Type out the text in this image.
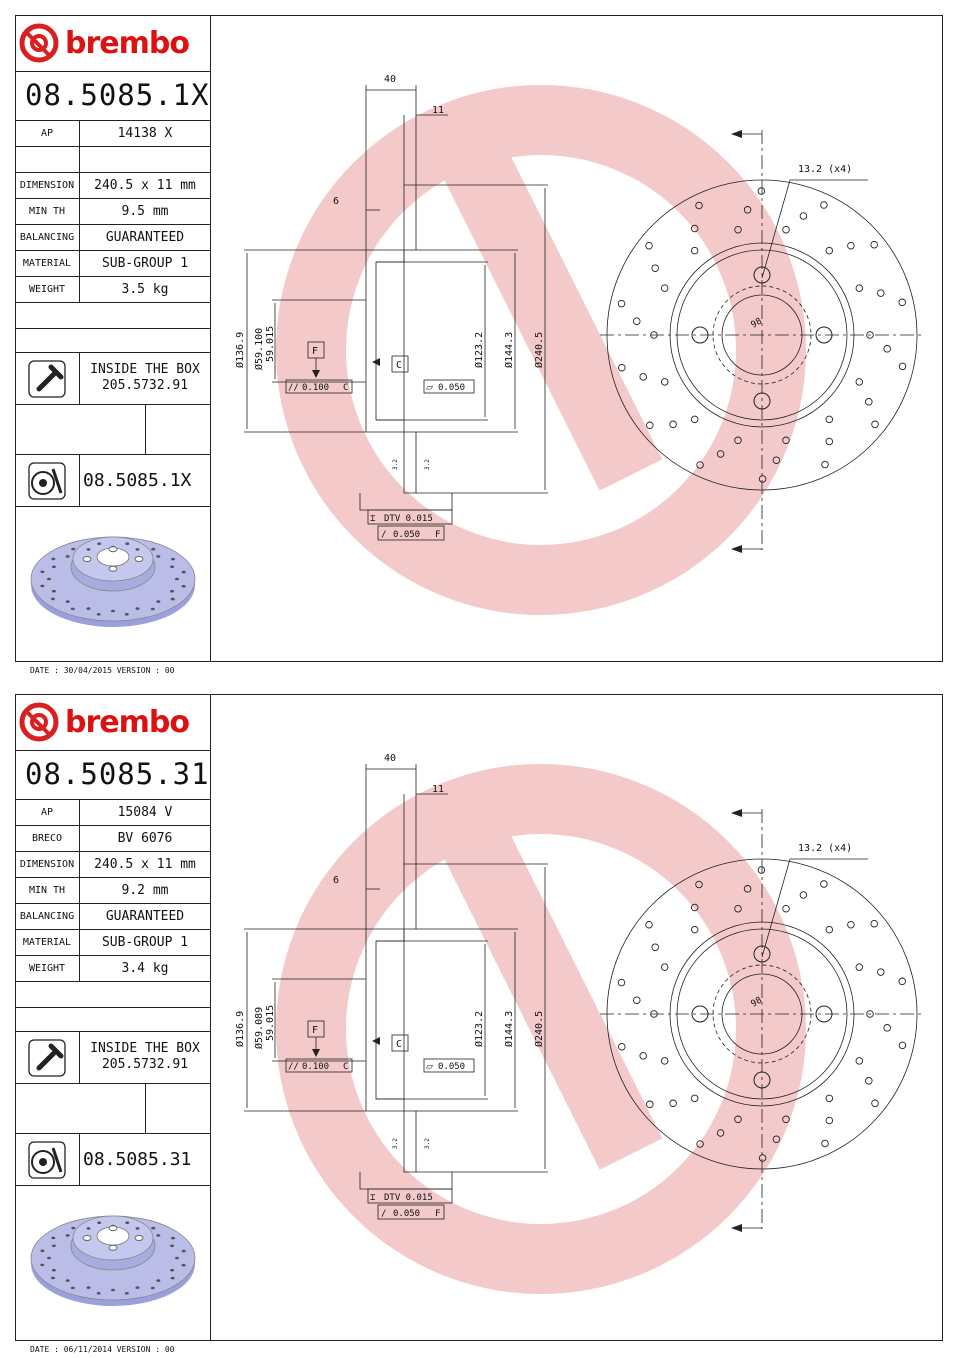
brembo
08.5085.1X
AP	14138 X
DIMENSION	240.5 x 11 mm
MIN TH	9.5 mm
BALANCING	GUARANTEED
MATERIAL	SUB-GROUP 1
WEIGHT	3.5 kg
INSIDE THE BOX
205.5732.91
08.5085.1X
DATE : 30/04/2015 VERSION : 00
40
11
6
13.2 (x4)
98
F
C
// 0.100 C	⏥ 0.050
⌶ DTV 0.015
/ 0.050 F
3.2	3.2
Ø136.9 Ø59.100 59.015	Ø123.2 Ø144.3 Ø240.5
brembo
08.5085.31
AP	15084 V
BRECO	BV 6076
DIMENSION	240.5 x 11 mm
MIN TH	9.2 mm
BALANCING	GUARANTEED
MATERIAL	SUB-GROUP 1
WEIGHT	3.4 kg
INSIDE THE BOX
205.5732.91
08.5085.31
DATE : 06/11/2014 VERSION : 00
40
11
6
13.2 (x4)
98
F
C
// 0.100 C	⏥ 0.050
⌶ DTV 0.015
/ 0.050 F
3.2	3.2
Ø136.9 Ø59.089 59.015	Ø123.2 Ø144.3 Ø240.5
